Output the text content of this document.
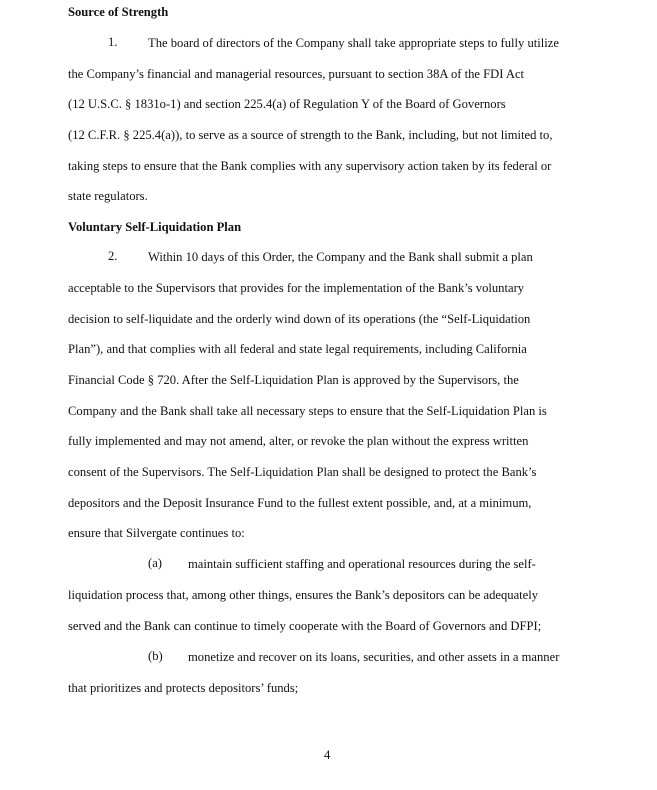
Source of Strength
1. The board of directors of the Company shall take appropriate steps to fully utilize
the Company’s financial and managerial resources, pursuant to section 38A of the FDI Act
(12 U.S.C. § 1831o-1) and section 225.4(a) of Regulation Y of the Board of Governors
(12 C.F.R. § 225.4(a)), to serve as a source of strength to the Bank, including, but not limited to,
taking steps to ensure that the Bank complies with any supervisory action taken by its federal or
state regulators.
Voluntary Self-Liquidation Plan
2. Within 10 days of this Order, the Company and the Bank shall submit a plan
acceptable to the Supervisors that provides for the implementation of the Bank’s voluntary
decision to self-liquidate and the orderly wind down of its operations (the “Self-Liquidation
Plan”), and that complies with all federal and state legal requirements, including California
Financial Code § 720. After the Self-Liquidation Plan is approved by the Supervisors, the
Company and the Bank shall take all necessary steps to ensure that the Self-Liquidation Plan is
fully implemented and may not amend, alter, or revoke the plan without the express written
consent of the Supervisors. The Self-Liquidation Plan shall be designed to protect the Bank’s
depositors and the Deposit Insurance Fund to the fullest extent possible, and, at a minimum,
ensure that Silvergate continues to:
(a) maintain sufficient staffing and operational resources during the self-
liquidation process that, among other things, ensures the Bank’s depositors can be adequately
served and the Bank can continue to timely cooperate with the Board of Governors and DFPI;
(b) monetize and recover on its loans, securities, and other assets in a manner
that prioritizes and protects depositors’ funds;
4
